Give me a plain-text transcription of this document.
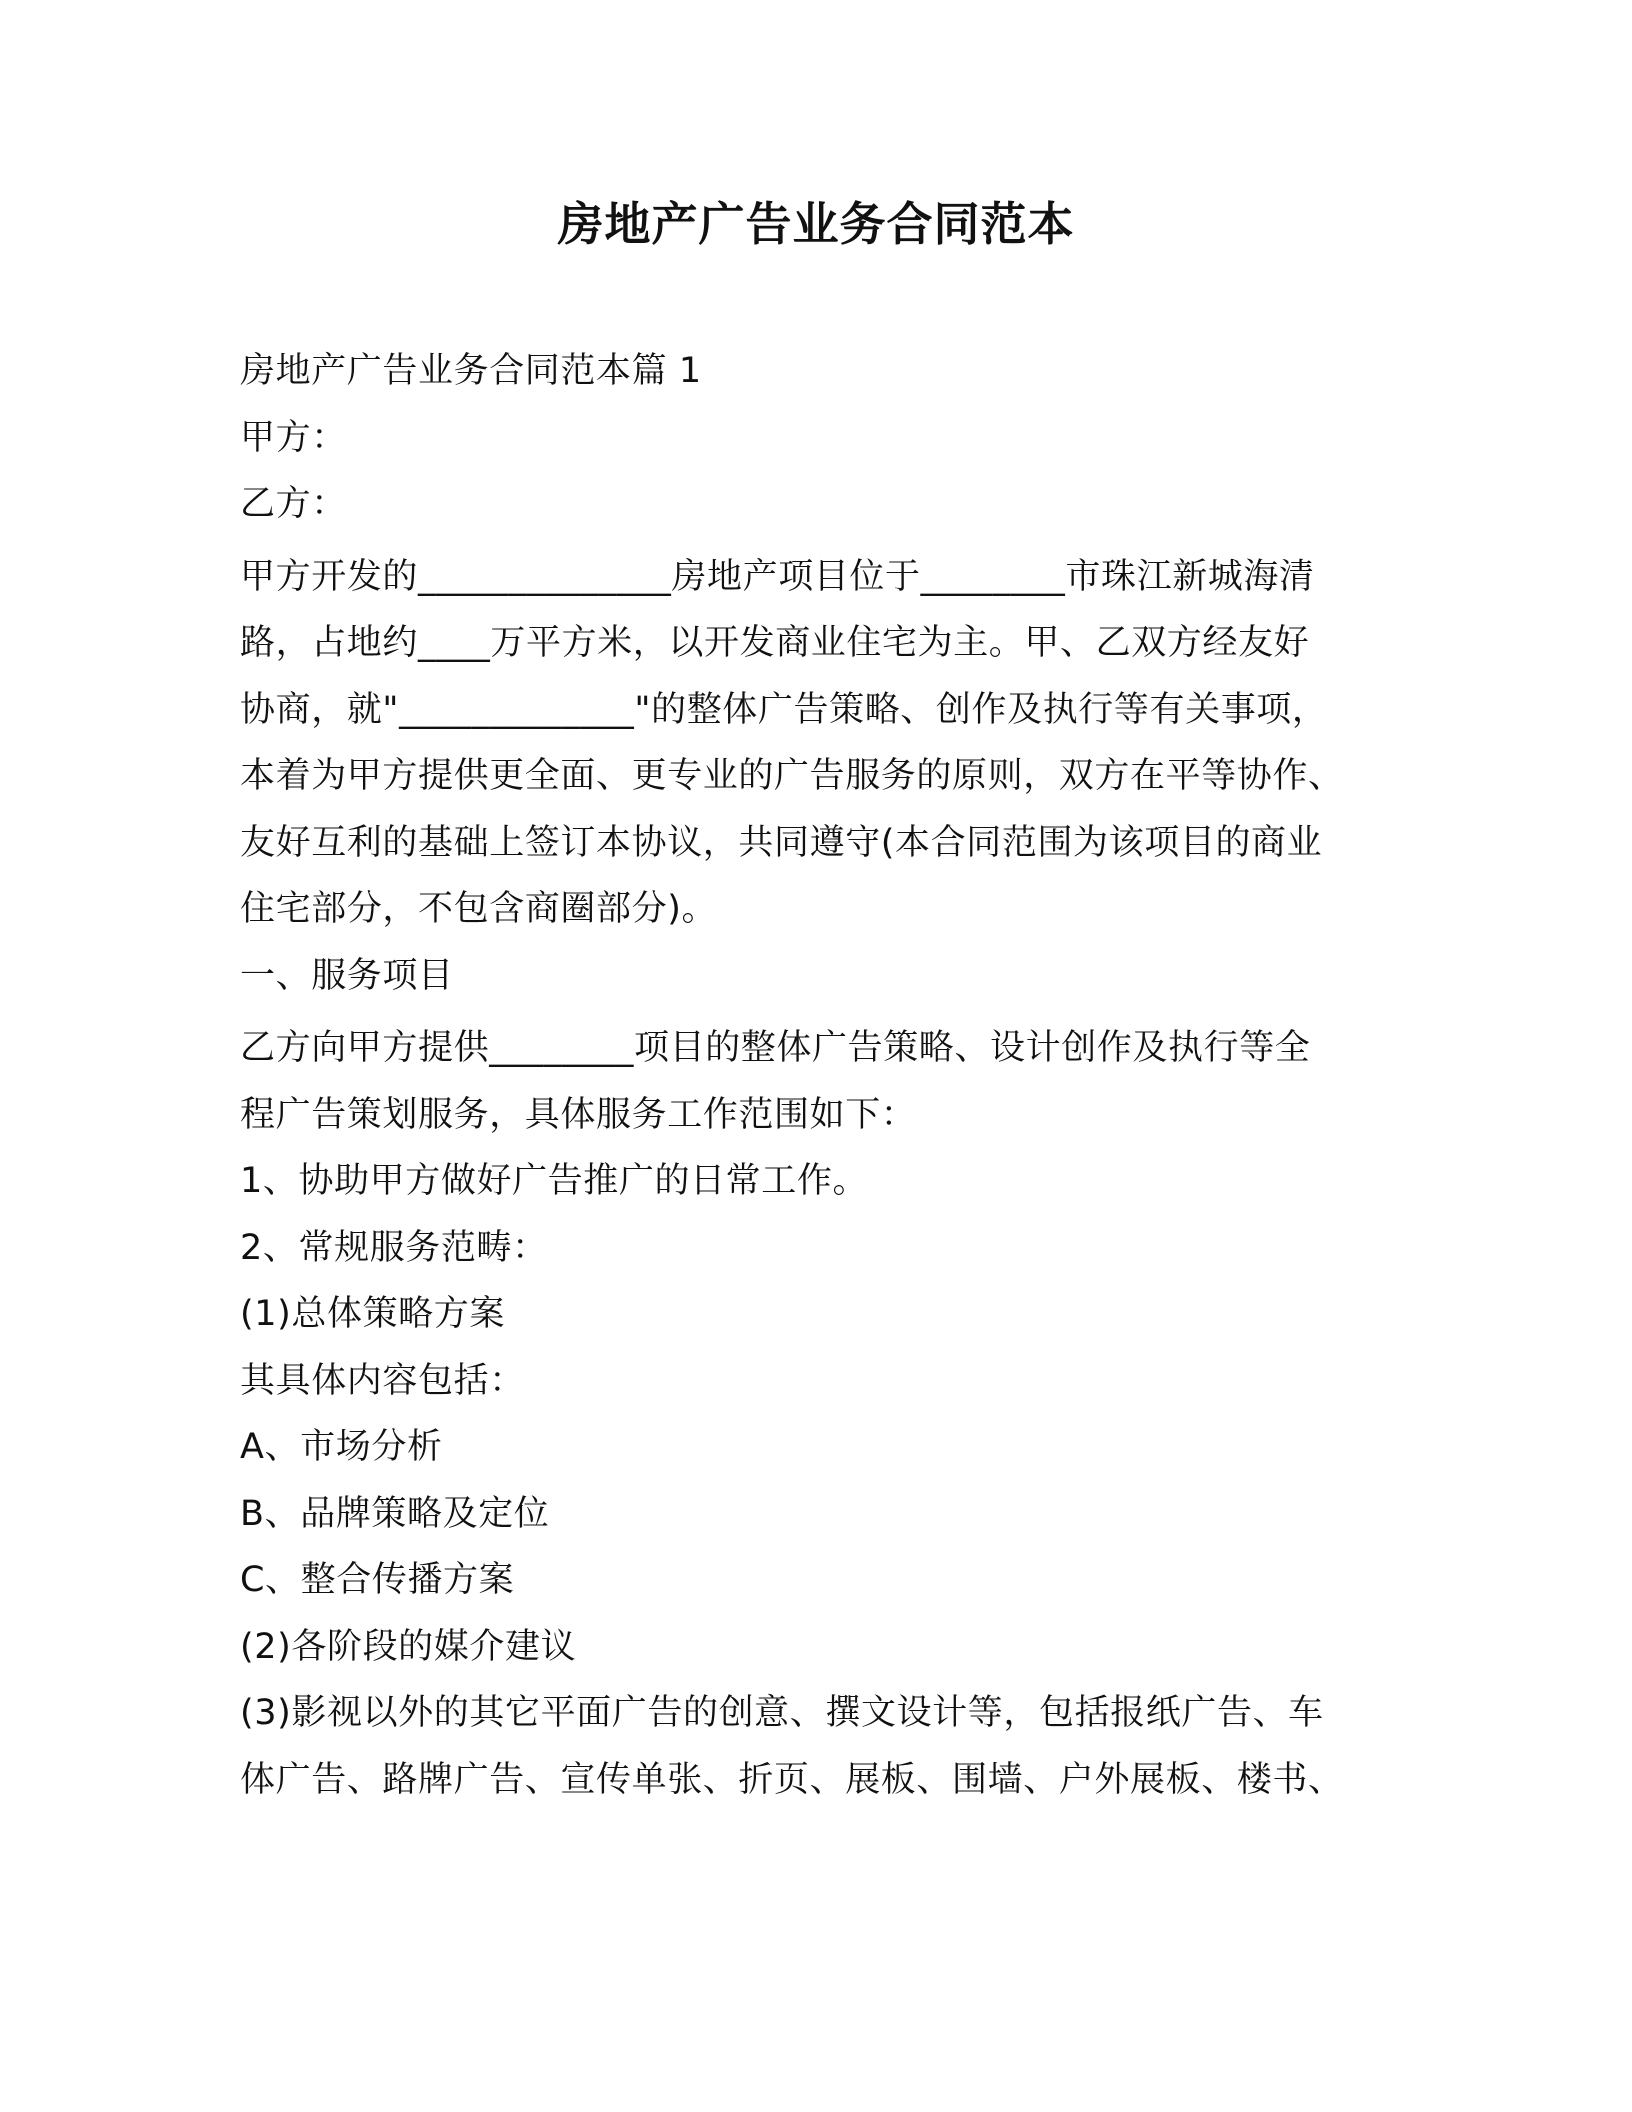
房地产广告业务合同范本
房地产广告业务合同范本篇 1
甲方：
乙方：
甲方开发的______________房地产项目位于________市珠江新城海清
路，占地约____万平方米，以开发商业住宅为主。甲、乙双方经友好
协商，就"_____________"的整体广告策略、创作及执行等有关事项，
本着为甲方提供更全面、更专业的广告服务的原则，双方在平等协作、
友好互利的基础上签订本协议，共同遵守(本合同范围为该项目的商业
住宅部分，不包含商圈部分)。
一、服务项目
乙方向甲方提供________项目的整体广告策略、设计创作及执行等全
程广告策划服务，具体服务工作范围如下：
1、协助甲方做好广告推广的日常工作。
2、常规服务范畴：
(1)总体策略方案
其具体内容包括：
A、市场分析
B、品牌策略及定位
C、整合传播方案
(2)各阶段的媒介建议
(3)影视以外的其它平面广告的创意、撰文设计等，包括报纸广告、车
体广告、路牌广告、宣传单张、折页、展板、围墙、户外展板、楼书、
